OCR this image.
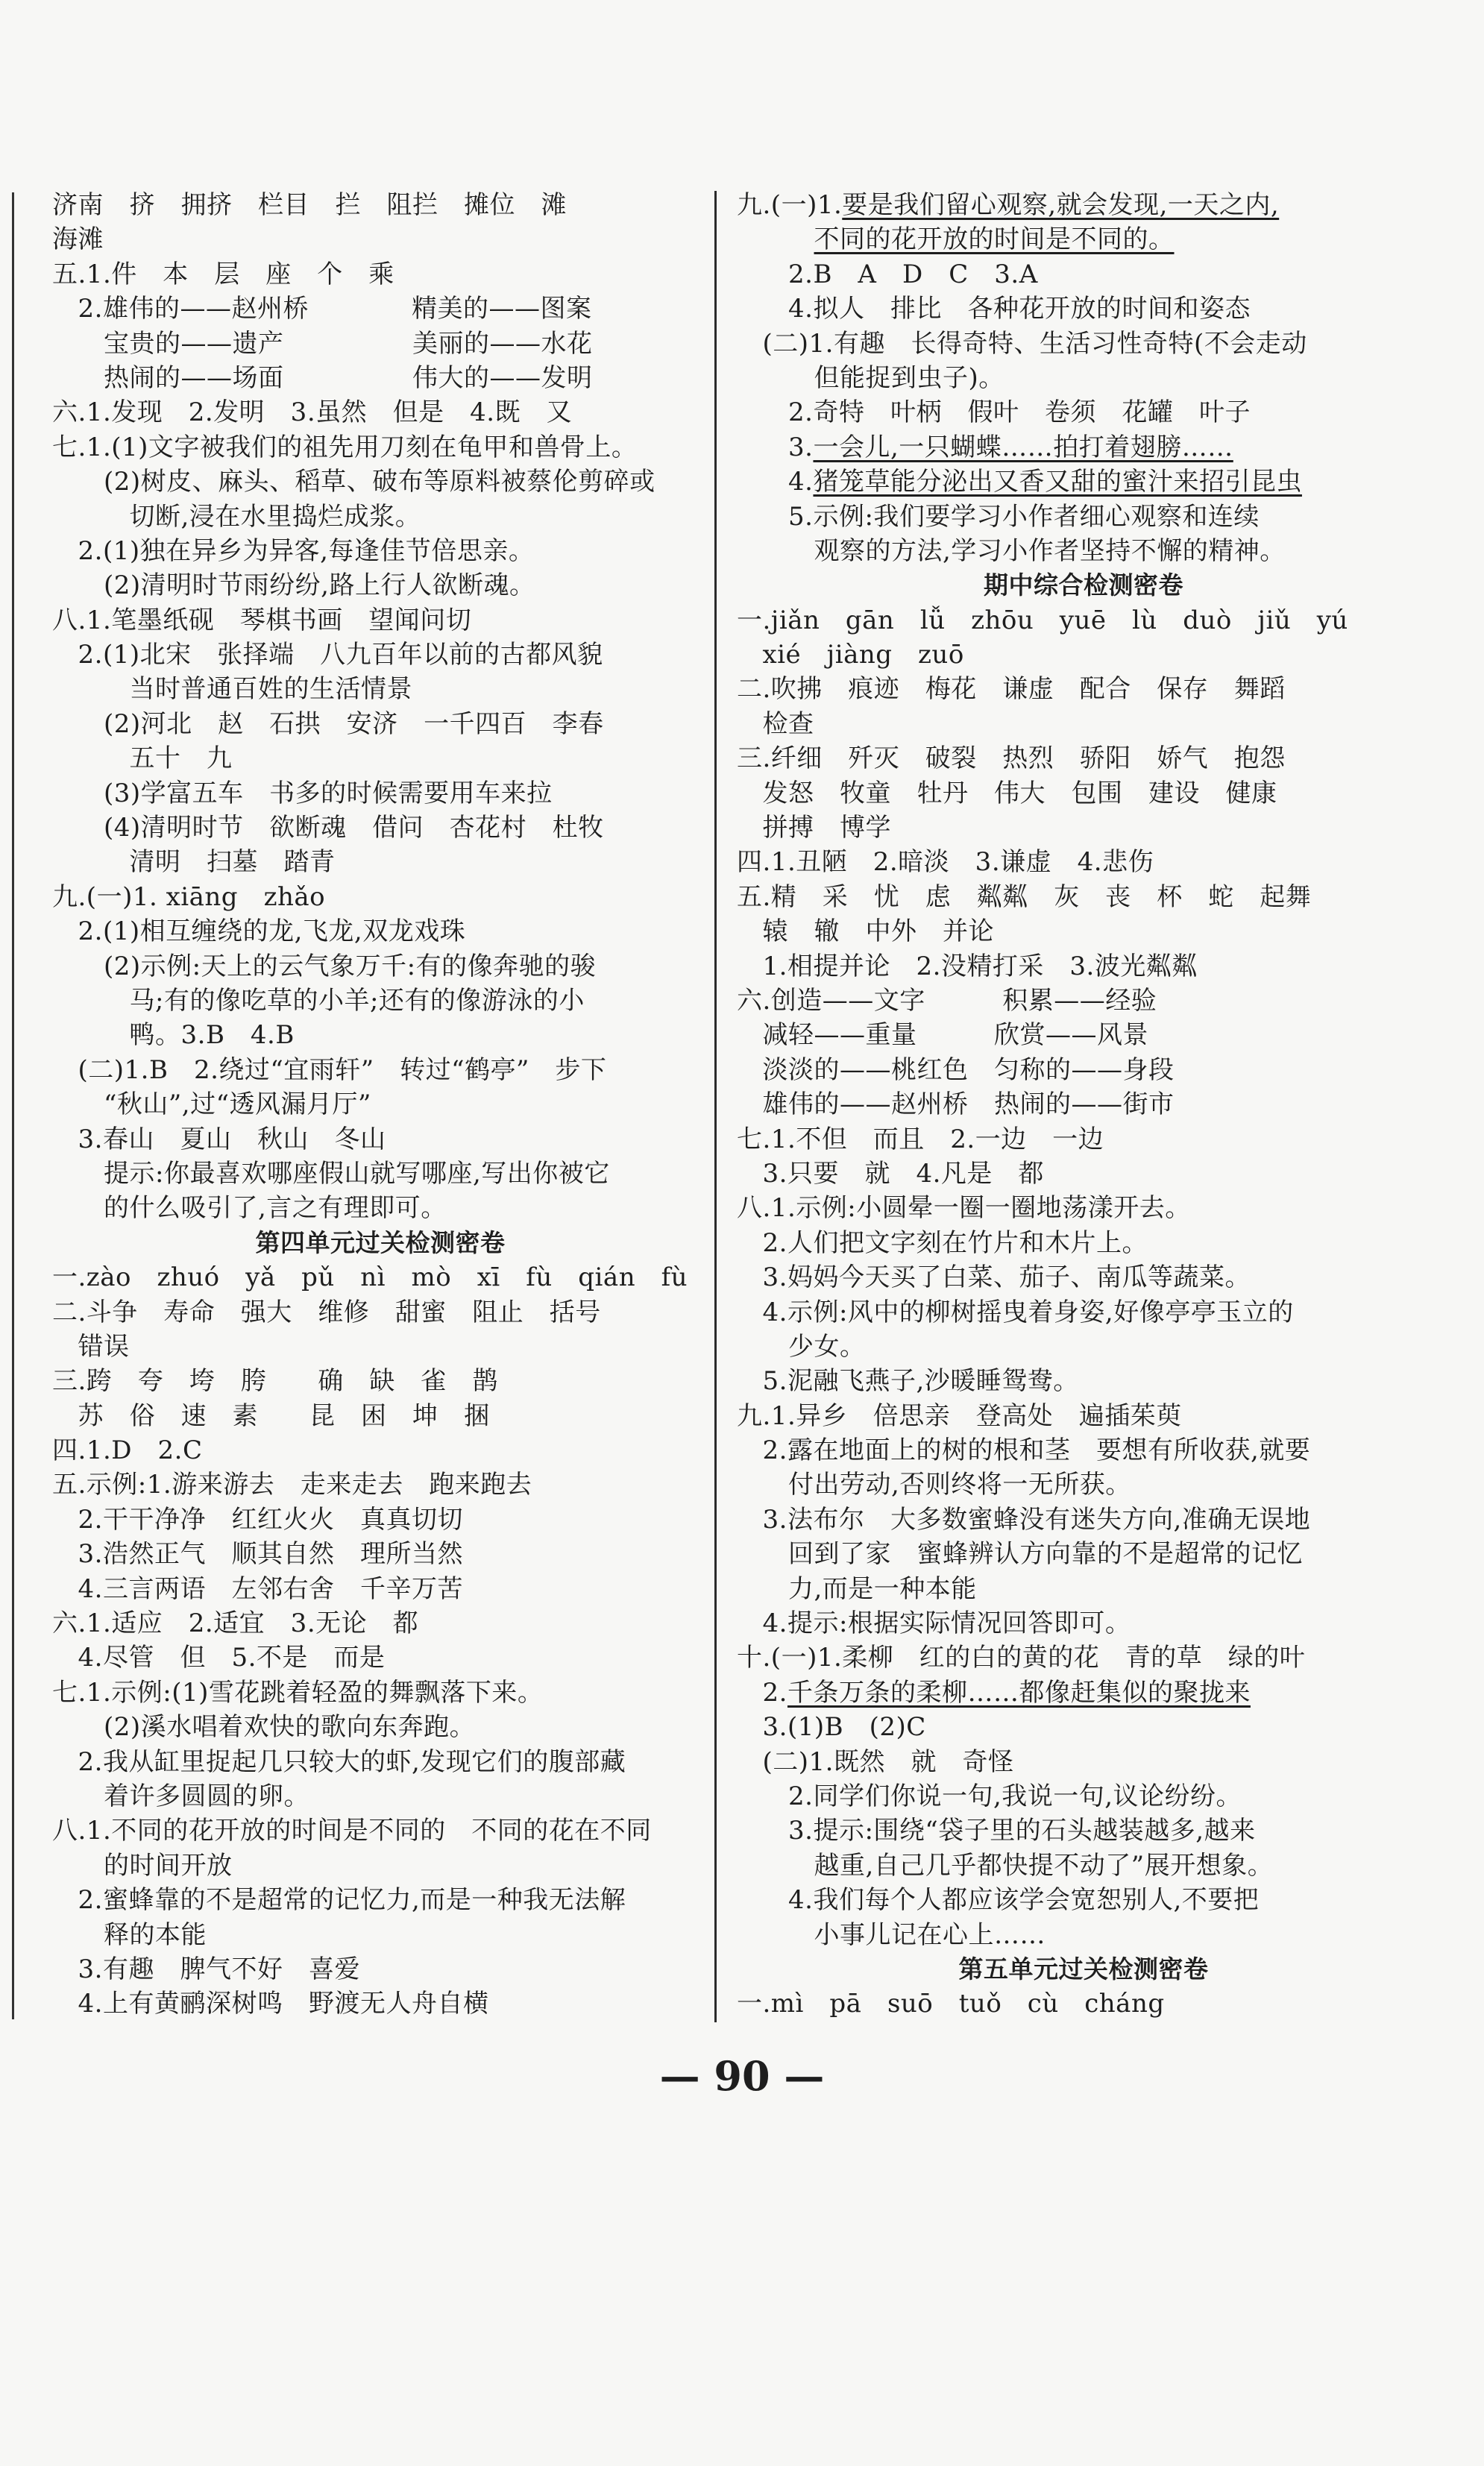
济南　挤　拥挤　栏目　拦　阻拦　摊位　滩
海滩
五.1.件　本　层　座　个　乘
　2.雄伟的——赵州桥　　　　精美的——图案
　　宝贵的——遗产　　　　　美丽的——水花
　　热闹的——场面　　　　　伟大的——发明
六.1.发现　2.发明　3.虽然　但是　4.既　又
七.1.(1)文字被我们的祖先用刀刻在龟甲和兽骨上。
　　(2)树皮、麻头、稻草、破布等原料被蔡伦剪碎或
　　　切断,浸在水里捣烂成浆。
　2.(1)独在异乡为异客,每逢佳节倍思亲。
　　(2)清明时节雨纷纷,路上行人欲断魂。
八.1.笔墨纸砚　琴棋书画　望闻问切
　2.(1)北宋　张择端　八九百年以前的古都风貌
　　　当时普通百姓的生活情景
　　(2)河北　赵　石拱　安济　一千四百　李春
　　　五十　九
　　(3)学富五车　书多的时候需要用车来拉
　　(4)清明时节　欲断魂　借问　杏花村　杜牧
　　　清明　扫墓　踏青
九.(一)1. xiāng　zhǎo
　2.(1)相互缠绕的龙,飞龙,双龙戏珠
　　(2)示例:天上的云气象万千:有的像奔驰的骏
　　　马;有的像吃草的小羊;还有的像游泳的小
　　　鸭。3.B　4.B
　(二)1.B　2.绕过“宜雨轩”　转过“鹤亭”　步下
　　“秋山”,过“透风漏月厅”
　3.春山　夏山　秋山　冬山
　　提示:你最喜欢哪座假山就写哪座,写出你被它
　　的什么吸引了,言之有理即可。
第四单元过关检测密卷
一.zào　zhuó　yǎ　pǔ　nì　mò　xī　fù　qián　fù
二.斗争　寿命　强大　维修　甜蜜　阻止　括号
　错误
三.跨　夸　垮　胯　　确　缺　雀　鹊
　苏　俗　速　素　　昆　困　坤　捆
四.1.D　2.C
五.示例:1.游来游去　走来走去　跑来跑去
　2.干干净净　红红火火　真真切切
　3.浩然正气　顺其自然　理所当然
　4.三言两语　左邻右舍　千辛万苦
六.1.适应　2.适宜　3.无论　都
　4.尽管　但　5.不是　而是
七.1.示例:(1)雪花跳着轻盈的舞飘落下来。
　　(2)溪水唱着欢快的歌向东奔跑。
　2.我从缸里捉起几只较大的虾,发现它们的腹部藏
　　着许多圆圆的卵。
八.1.不同的花开放的时间是不同的　不同的花在不同
　　的时间开放
　2.蜜蜂靠的不是超常的记忆力,而是一种我无法解
　　释的本能
　3.有趣　脾气不好　喜爱
　4.上有黄鹂深树鸣　野渡无人舟自横
九.(一)1.要是我们留心观察,就会发现,一天之内,
　　　不同的花开放的时间是不同的。
　　2.B　A　D　C　3.A
　　4.拟人　排比　各种花开放的时间和姿态
　(二)1.有趣　长得奇特、生活习性奇特(不会走动
　　　但能捉到虫子)。
　　2.奇特　叶柄　假叶　卷须　花罐　叶子
　　3.一会儿,一只蝴蝶……拍打着翅膀……
　　4.猪笼草能分泌出又香又甜的蜜汁来招引昆虫
　　5.示例:我们要学习小作者细心观察和连续
　　　观察的方法,学习小作者坚持不懈的精神。
期中综合检测密卷
一.jiǎn　gān　lǚ　zhōu　yuē　lù　duò　jiǔ　yú
　xié　jiàng　zuō
二.吹拂　痕迹　梅花　谦虚　配合　保存　舞蹈
　检查
三.纤细　歼灭　破裂　热烈　骄阳　娇气　抱怨
　发怒　牧童　牡丹　伟大　包围　建设　健康
　拼搏　博学
四.1.丑陋　2.暗淡　3.谦虚　4.悲伤
五.精　采　忧　虑　粼粼　灰　丧　杯　蛇　起舞
　辕　辙　中外　并论
　1.相提并论　2.没精打采　3.波光粼粼
六.创造——文字　　　积累——经验
　减轻——重量　　　欣赏——风景
　淡淡的——桃红色　匀称的——身段
　雄伟的——赵州桥　热闹的——街市
七.1.不但　而且　2.一边　一边
　3.只要　就　4.凡是　都
八.1.示例:小圆晕一圈一圈地荡漾开去。
　2.人们把文字刻在竹片和木片上。
　3.妈妈今天买了白菜、茄子、南瓜等蔬菜。
　4.示例:风中的柳树摇曳着身姿,好像亭亭玉立的
　　少女。
　5.泥融飞燕子,沙暖睡鸳鸯。
九.1.异乡　倍思亲　登高处　遍插茱萸
　2.露在地面上的树的根和茎　要想有所收获,就要
　　付出劳动,否则终将一无所获。
　3.法布尔　大多数蜜蜂没有迷失方向,准确无误地
　　回到了家　蜜蜂辨认方向靠的不是超常的记忆
　　力,而是一种本能
　4.提示:根据实际情况回答即可。
十.(一)1.柔柳　红的白的黄的花　青的草　绿的叶
　2.千条万条的柔柳……都像赶集似的聚拢来
　3.(1)B　(2)C
　(二)1.既然　就　奇怪
　　2.同学们你说一句,我说一句,议论纷纷。
　　3.提示:围绕“袋子里的石头越装越多,越来
　　　越重,自己几乎都快提不动了”展开想象。
　　4.我们每个人都应该学会宽恕别人,不要把
　　　小事儿记在心上……
第五单元过关检测密卷
一.mì　pā　suō　tuǒ　cù　cháng
— 90 —
